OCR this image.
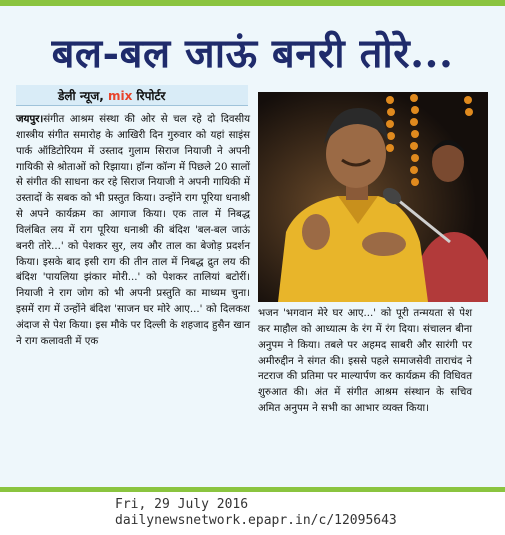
बल-बल जाऊं बनरी तोरे...
डेली न्यूज, mix रिपोर्टर
जयपुर।संगीत आश्रम संस्था की ओर से चल रहे दो दिवसीय शास्त्रीय संगीत समारोह के आखिरी दिन गुरुवार को यहां साइंस पार्क ऑडिटोरियम में उस्ताद गुलाम सिराज नियाजी ने अपनी गायिकी से श्रोताओं को रिझाया। हॉन्ग कॉन्ग में पिछले 20 सालों से संगीत की साधना कर रहे सिराज नियाजी ने अपनी गायिकी में उस्तादों के सबक को भी प्रस्तुत किया। उन्होंने राग पूरिया धनाश्री से अपने कार्यक्रम का आगाज किया। एक ताल में निबद्ध विलंबित लय में राग पूरिया धनाश्री की बंदिश 'बल-बल जाऊं बनरी तोरे...' को पेशकर सुर, लय और ताल का बेजोड़ प्रदर्शन किया। इसके बाद इसी राग की तीन ताल में निबद्ध द्रुत लय की बंदिश 'पायलिया झंकार मोरी...' को पेशकर तालियां बटोरीं। नियाजी ने राग जोग को भी अपनी प्रस्तुति का माध्यम चुना। इसमें राग में उन्होंने बंदिश 'साजन घर मोरे आए...' को दिलकश अंदाज से पेश किया। इस मौके पर दिल्ली के शहजाद हुसैन खान ने राग कलावती में एक
भजन 'भगवान मेरे घर आए...' को पूरी तन्मयता से पेश कर माहौल को आध्यात्म के रंग में रंग दिया। संचालन बीना अनुपम ने किया। तबले पर अहमद साबरी और सारंगी पर अमीरुद्दीन ने संगत की। इससे पहले समाजसेवी ताराचंद ने नटराज की प्रतिमा पर माल्यार्पण कर कार्यक्रम की विधिवत शुरुआत की। अंत में संगीत आश्रम संस्थान के सचिव अमित अनुपम ने सभी का आभार व्यक्त किया।
Fri, 29 July 2016
dailynewsnetwork.epapr.in/c/12095643
